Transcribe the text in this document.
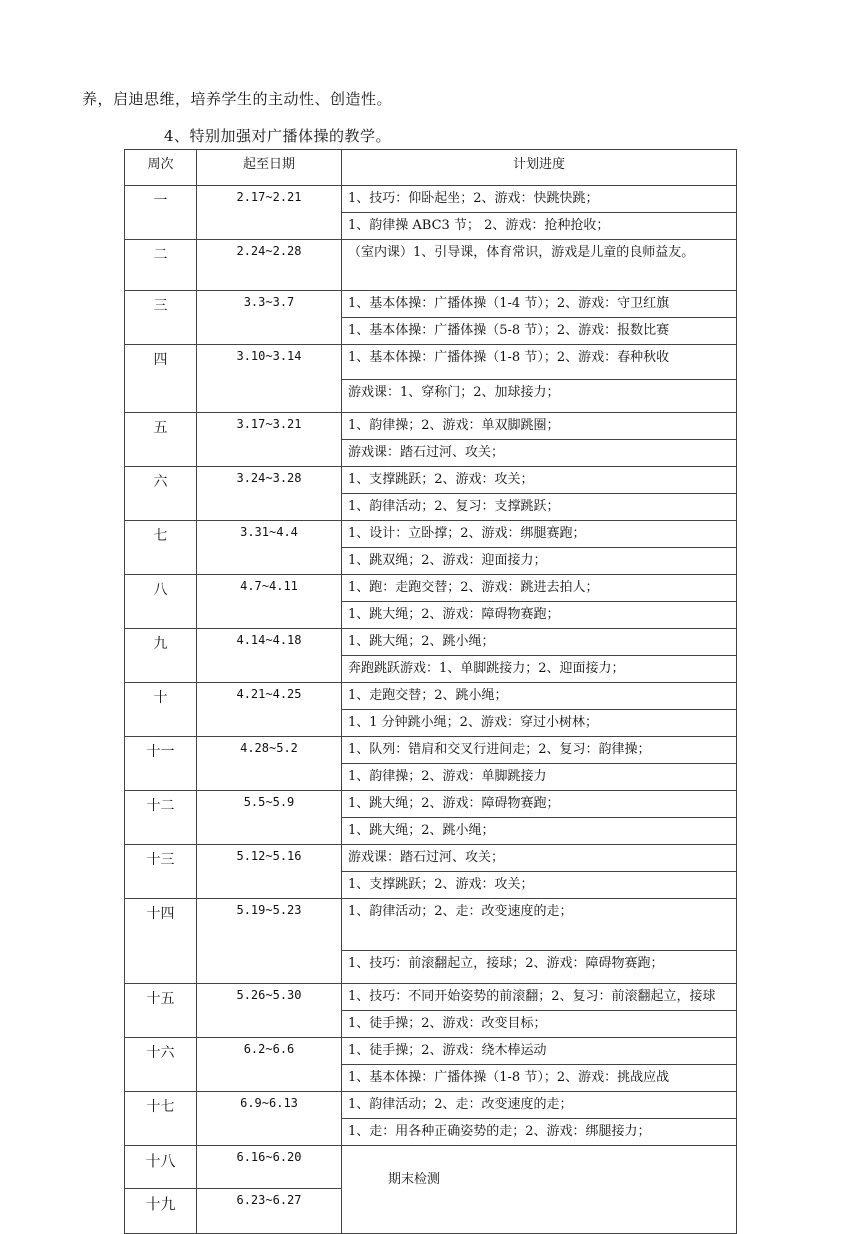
养，启迪思维，培养学生的主动性、创造性。
4、特别加强对广播体操的教学。
周次	起至日期	计划进度
一	2.17~2.21	1、技巧：仰卧起坐；2、游戏：快跳快跳；
		1、韵律操 ABC3 节； 2、游戏：抢种抢收；
二	2.24~2.28	（室内课）1、引导课，体育常识，游戏是儿童的良师益友。
三	3.3~3.7	1、基本体操：广播体操（1-4 节）；2、游戏：守卫红旗
		1、基本体操：广播体操（5-8 节）；2、游戏：报数比赛
四	3.10~3.14	1、基本体操：广播体操（1-8 节）；2、游戏：春种秋收
		游戏课：1、穿称门；2、加球接力；
五	3.17~3.21	1、韵律操；2、游戏：单双脚跳圈；
		游戏课：踏石过河、攻关；
六	3.24~3.28	1、支撑跳跃；2、游戏：攻关；
		1、韵律活动；2、复习：支撑跳跃；
七	3.31~4.4	1、设计：立卧撑；2、游戏：绑腿赛跑；
		1、跳双绳；2、游戏：迎面接力；
八	4.7~4.11	1、跑：走跑交替；2、游戏：跳进去拍人；
		1、跳大绳；2、游戏：障碍物赛跑；
九	4.14~4.18	1、跳大绳；2、跳小绳；
		奔跑跳跃游戏：1、单脚跳接力；2、迎面接力；
十	4.21~4.25	1、走跑交替；2、跳小绳；
		1、1 分钟跳小绳；2、游戏：穿过小树林；
十一	4.28~5.2	1、队列：错肩和交叉行进间走；2、复习：韵律操；
		1、韵律操；2、游戏：单脚跳接力
十二	5.5~5.9	1、跳大绳；2、游戏：障碍物赛跑；
		1、跳大绳；2、跳小绳；
十三	5.12~5.16	游戏课：踏石过河、攻关；
		1、支撑跳跃；2、游戏：攻关；
十四	5.19~5.23	1、韵律活动；2、走：改变速度的走；
		1、技巧：前滚翻起立，接球；2、游戏：障碍物赛跑；
十五	5.26~5.30	1、技巧：不同开始姿势的前滚翻；2、复习：前滚翻起立，接球
		1、徒手操；2、游戏：改变目标；
十六	6.2~6.6	1、徒手操；2、游戏：绕木棒运动
		1、基本体操：广播体操（1-8 节）；2、游戏：挑战应战
十七	6.9~6.13	1、韵律活动；2、走：改变速度的走；
		1、走：用各种正确姿势的走；2、游戏：绑腿接力；
十八	6.16~6.20	期末检测
十九	6.23~6.27	
